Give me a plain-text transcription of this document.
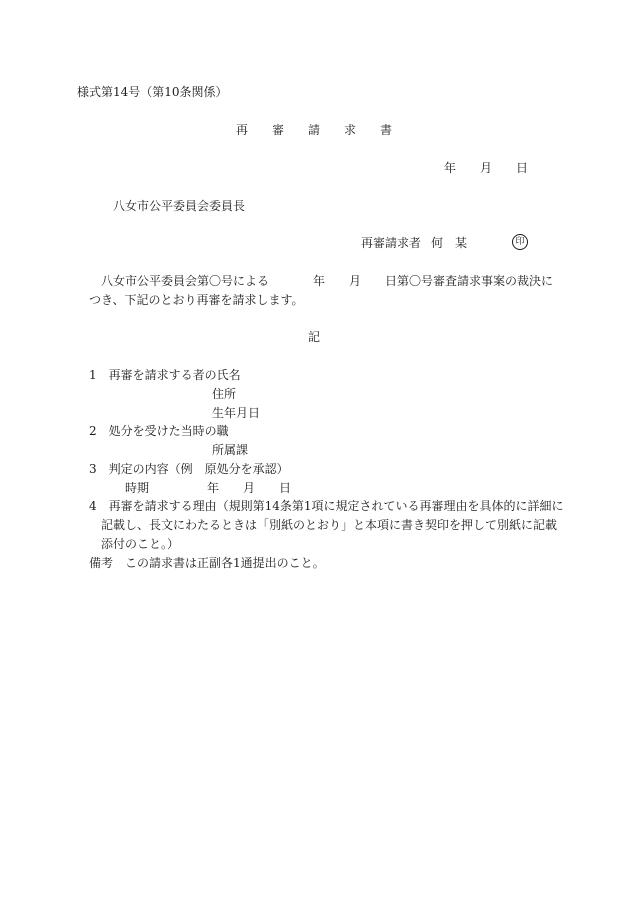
様式第14号（第10条関係）
再 審 請 求 書
年 月 日
八女市公平委員会委員長
再審請求者 何　某	印
八女市公平委員会第〇号による	年 月 日第〇号審査請求事案の裁決に
つき、下記のとおり再審を請求します。
記
1　再審を請求する者の氏名
住所
生年月日
2　処分を受けた当時の職
所属課
3　判定の内容（例　原処分を承認）
時期	年 月 日
4　再審を請求する理由（規則第14条第1項に規定されている再審理由を具体的に詳細に
記載し、長文にわたるときは「別紙のとおり」と本項に書き契印を押して別紙に記載
添付のこと。）
備考 この請求書は正副各1通提出のこと。
